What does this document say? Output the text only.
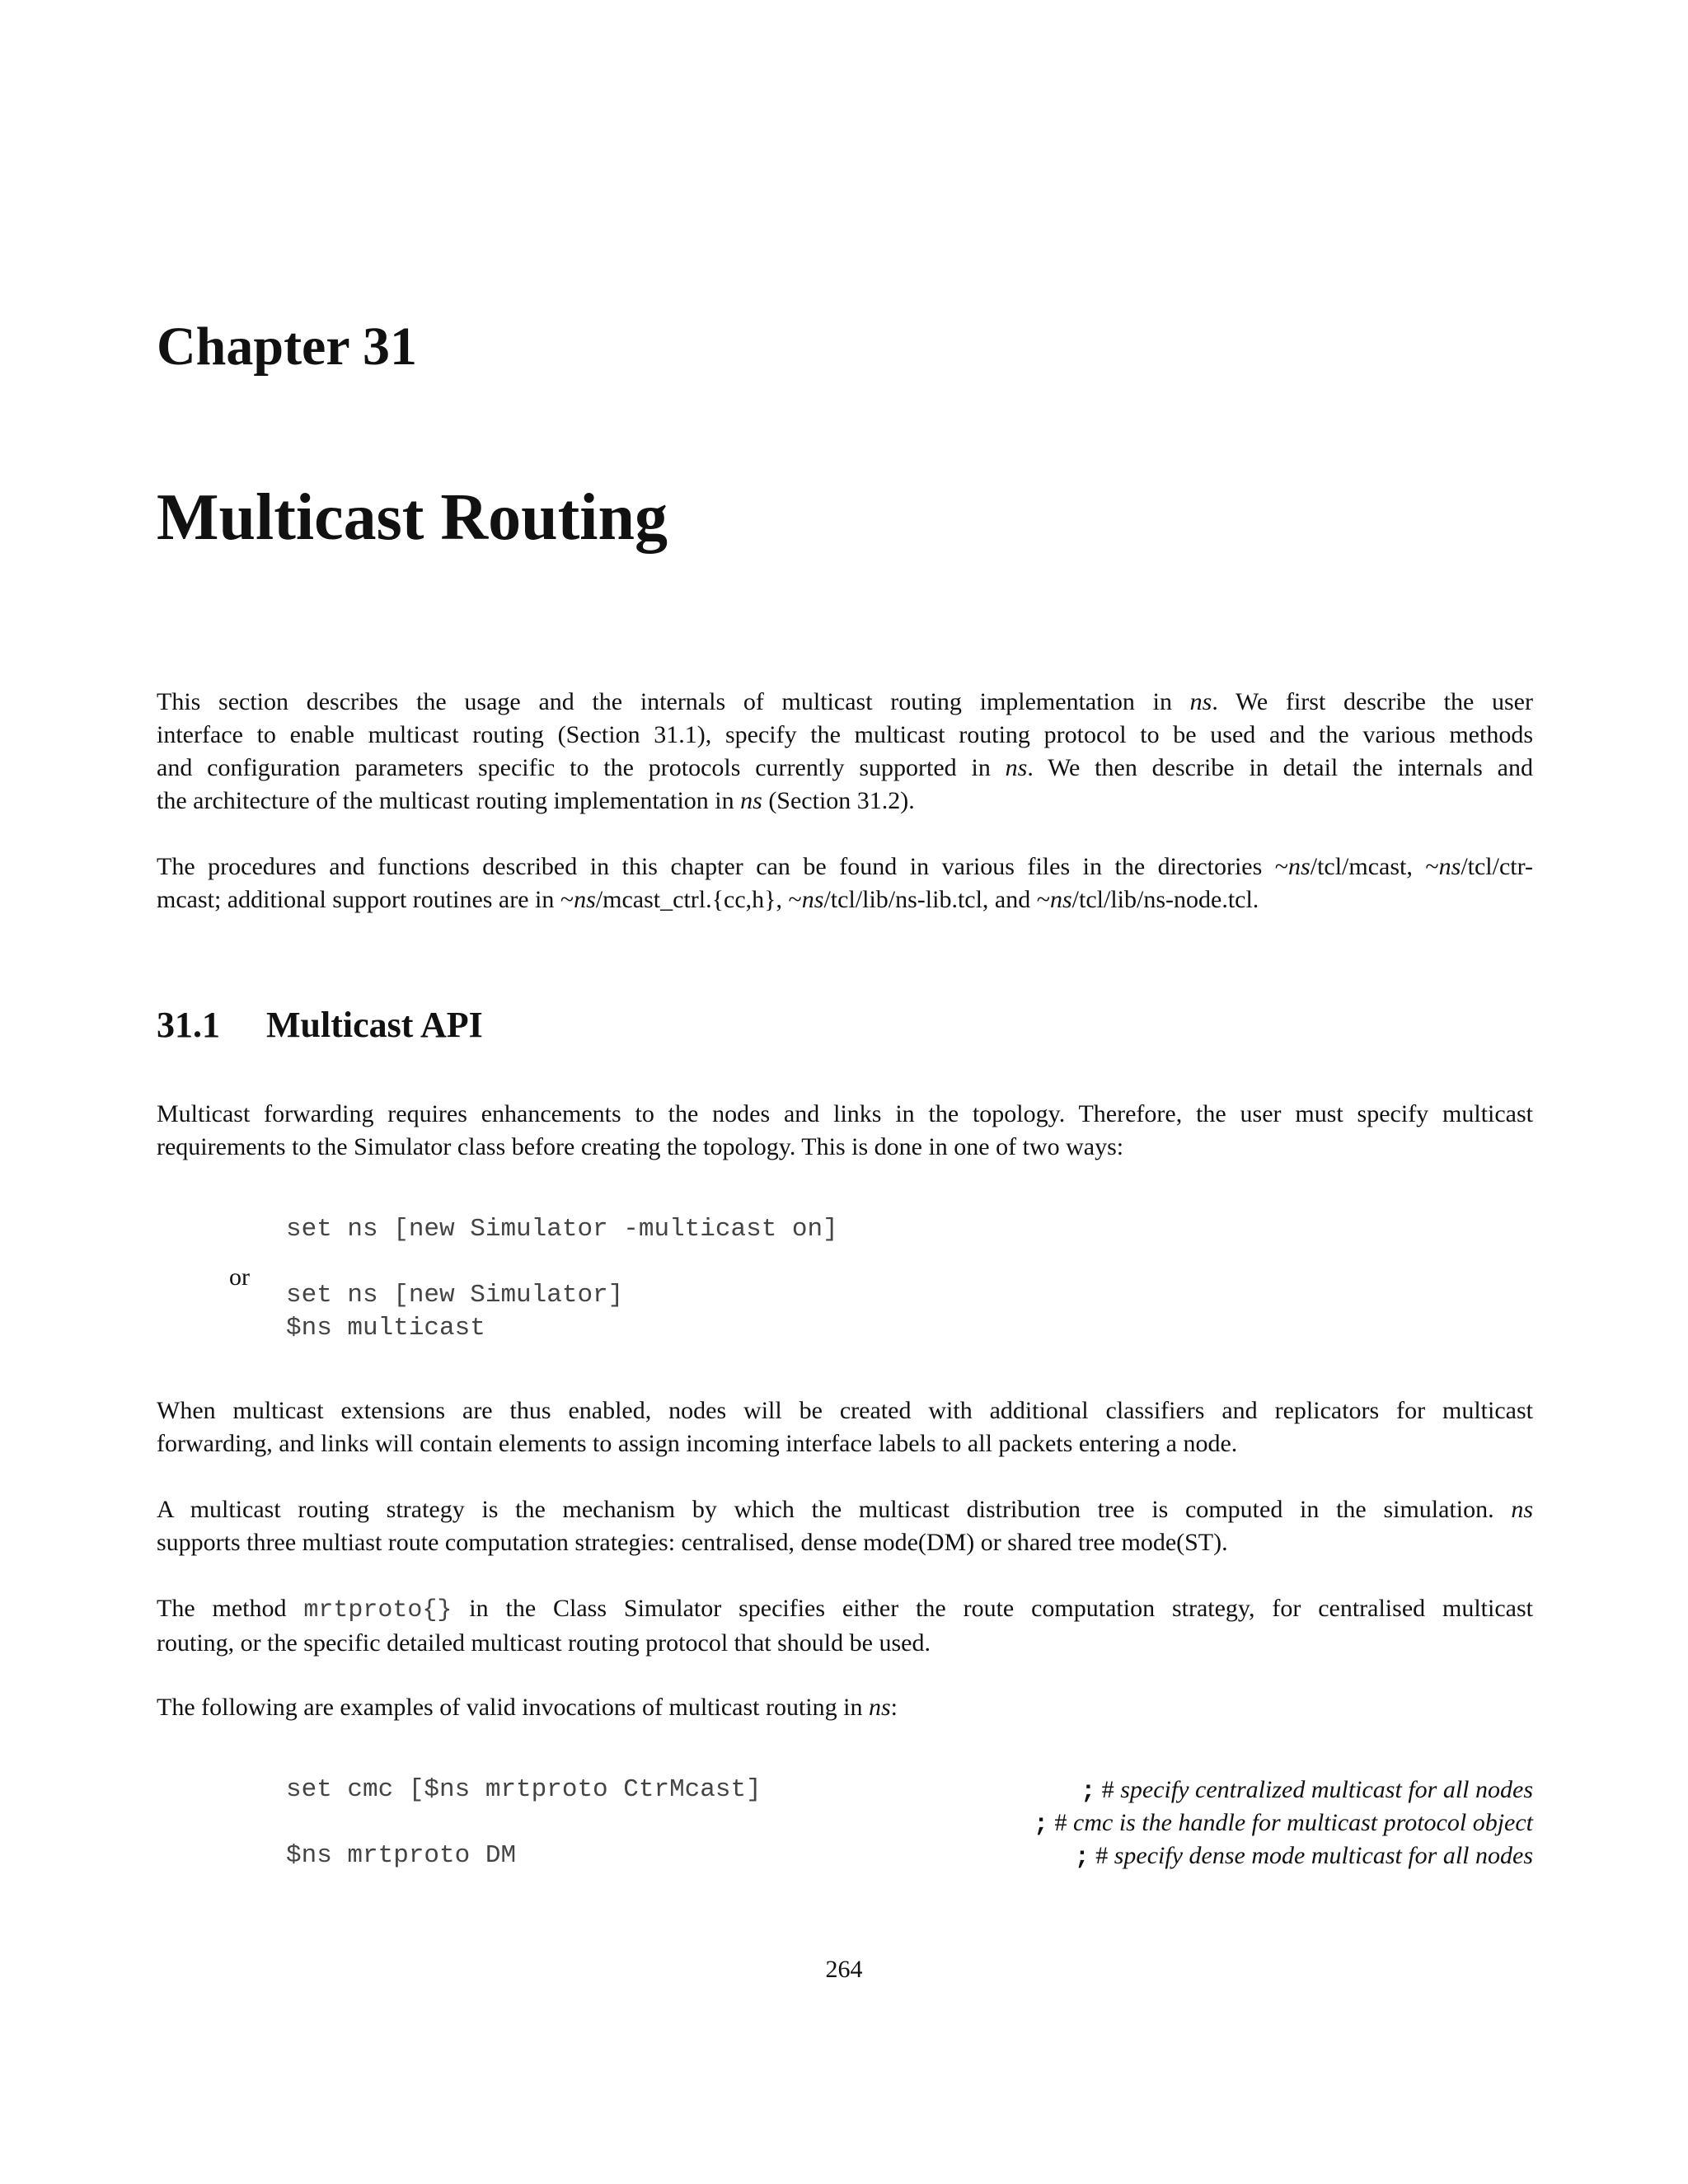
Chapter 31
Multicast Routing

This section describes the usage and the internals of multicast routing implementation in ns. We first describe the user
interface to enable multicast routing (Section 31.1), specify the multicast routing protocol to be used and the various methods
and configuration parameters specific to the protocols currently supported in ns. We then describe in detail the internals and
the architecture of the multicast routing implementation in ns (Section 31.2).

The procedures and functions described in this chapter can be found in various files in the directories ~ns/tcl/mcast, ~ns/tcl/ctr-
mcast; additional support routines are in ~ns/mcast_ctrl.{cc,h}, ~ns/tcl/lib/ns-lib.tcl, and ~ns/tcl/lib/ns-node.tcl.

31.1 Multicast API

Multicast forwarding requires enhancements to the nodes and links in the topology. Therefore, the user must specify multicast
requirements to the Simulator class before creating the topology. This is done in one of two ways:

set ns [new Simulator -multicast on]
or
set ns [new Simulator]
$ns multicast

When multicast extensions are thus enabled, nodes will be created with additional classifiers and replicators for multicast
forwarding, and links will contain elements to assign incoming interface labels to all packets entering a node.

A multicast routing strategy is the mechanism by which the multicast distribution tree is computed in the simulation. ns
supports three multiast route computation strategies: centralised, dense mode(DM) or shared tree mode(ST).

The method mrtproto{} in the Class Simulator specifies either the route computation strategy, for centralised multicast
routing, or the specific detailed multicast routing protocol that should be used.

The following are examples of valid invocations of multicast routing in ns:

set cmc [$ns mrtproto CtrMcast]	; # specify centralized multicast for all nodes
; # cmc is the handle for multicast protocol object
$ns mrtproto DM	; # specify dense mode multicast for all nodes
264
